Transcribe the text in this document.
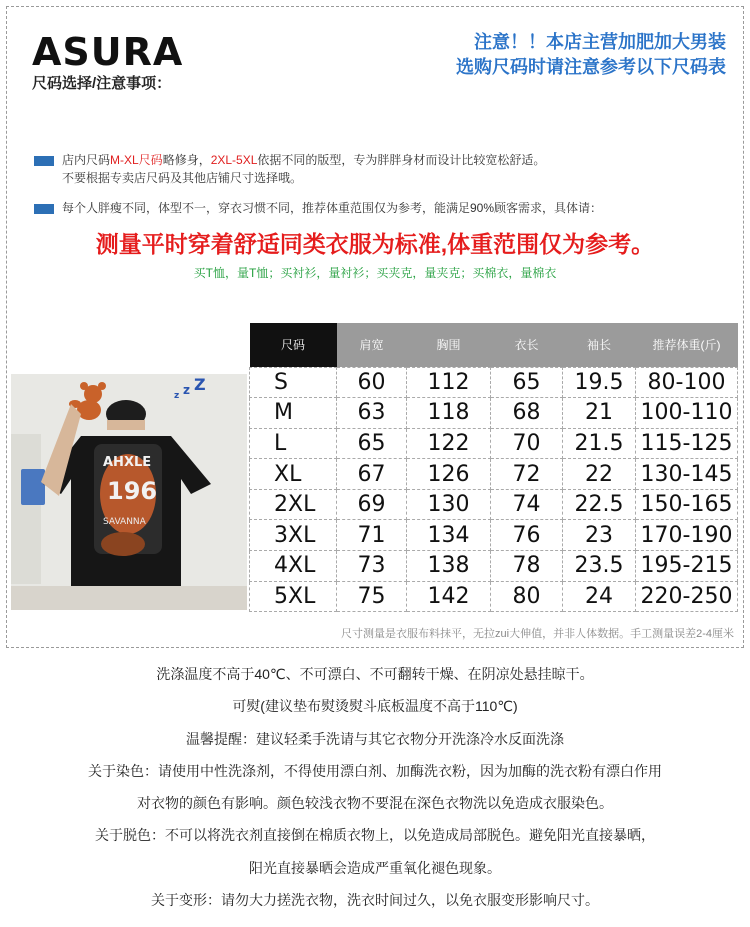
ASURA
尺码选择/注意事项：
注意！！本店主营加肥加大男装
选购尺码时请注意参考以下尺码表
店内尺码M-XL尺码略修身，2XL-5XL依据不同的版型，专为胖胖身材而设计比较宽松舒适。
不要根据专卖店尺码及其他店铺尺寸选择哦。
每个人胖瘦不同，体型不一，穿衣习惯不同，推荐体重范围仅为参考，能满足90%顾客需求，具体请：
测量平时穿着舒适同类衣服为标准,体重范围仅为参考。
买T恤，量T恤；买衬衫，量衬衫；买夹克，量夹克；买棉衣，量棉衣
z z Z
AHXLE
196
SAVANNA
尺码	肩宽	胸围	衣长	袖长	推荐体重(斤)
S	60	112	65	19.5	80-100
M	63	118	68	21	100-110
L	65	122	70	21.5	115-125
XL	67	126	72	22	130-145
2XL	69	130	74	22.5	150-165
3XL	71	134	76	23	170-190
4XL	73	138	78	23.5	195-215
5XL	75	142	80	24	220-250
尺寸测量是衣服布料抹平，无拉zui大伸值，并非人体数据。手工测量误差2-4厘米

洗涤温度不高于40℃、不可漂白、不可翻转干燥、在阴凉处悬挂晾干。

可熨(建议垫布熨烫熨斗底板温度不高于110℃)

温馨提醒：建议轻柔手洗请与其它衣物分开洗涤冷水反面洗涤

关于染色：请使用中性洗涤剂，不得使用漂白剂、加酶洗衣粉，因为加酶的洗衣粉有漂白作用

对衣物的颜色有影响。颜色较浅衣物不要混在深色衣物洗以免造成衣服染色。

关于脱色：不可以将洗衣剂直接倒在棉质衣物上，以免造成局部脱色。避免阳光直接暴晒，

阳光直接暴晒会造成严重氧化褪色现象。

关于变形：请勿大力搓洗衣物，洗衣时间过久，以免衣服变形影响尺寸。
